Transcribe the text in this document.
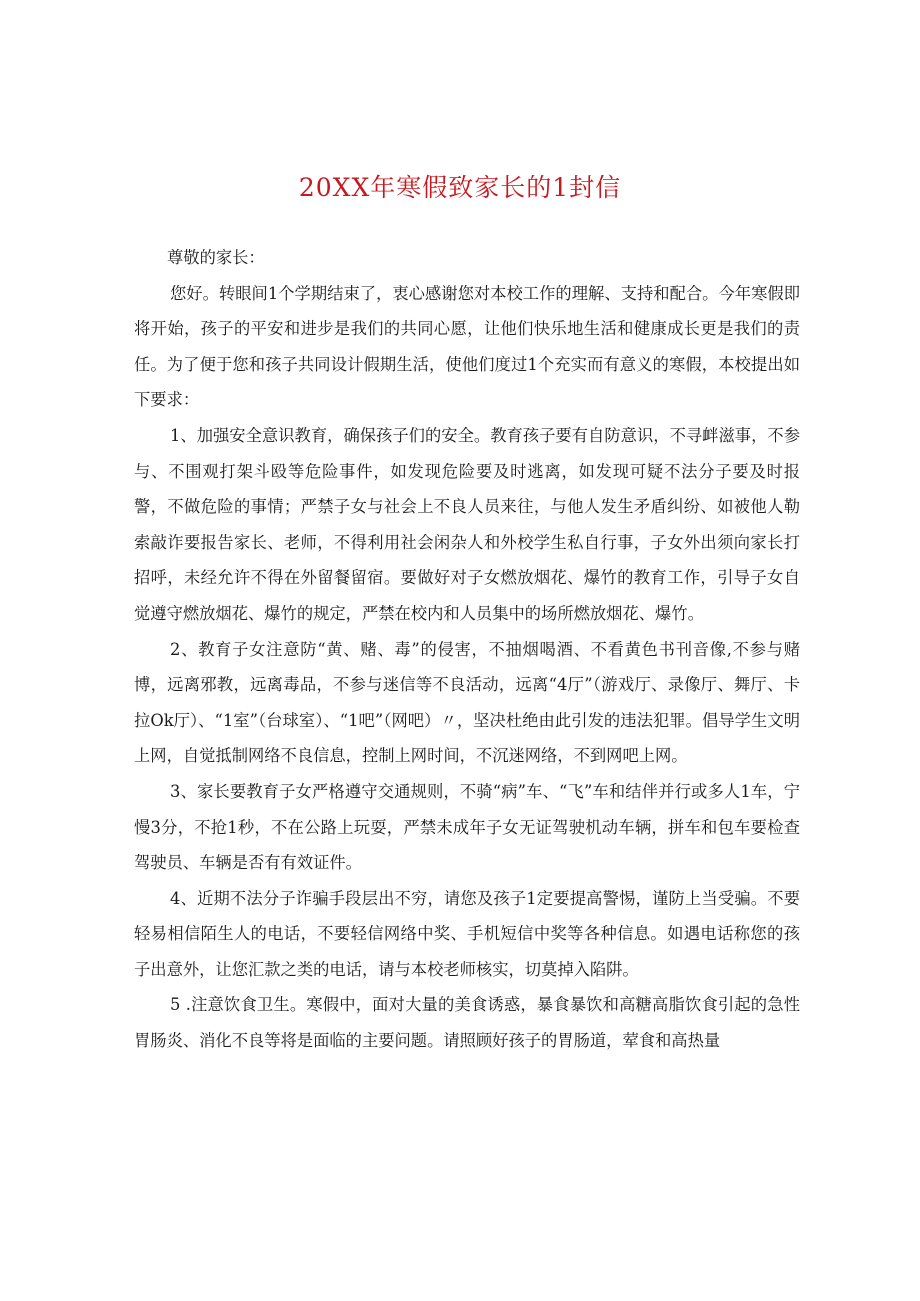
20XX年寒假致家长的1封信

尊敬的家长：

您好。转眼间1个学期结束了，衷心感谢您对本校工作的理解、支持和配合。今年寒假即将开始，孩子的平安和进步是我们的共同心愿，让他们快乐地生活和健康成长更是我们的责任。为了便于您和孩子共同设计假期生活，使他们度过1个充实而有意义的寒假，本校提出如下要求：

1、加强安全意识教育，确保孩子们的安全。教育孩子要有自防意识，不寻衅滋事，不参与、不围观打架斗殴等危险事件，如发现危险要及时逃离，如发现可疑不法分子要及时报警，不做危险的事情；严禁子女与社会上不良人员来往，与他人发生矛盾纠纷、如被他人勒索敲诈要报告家长、老师，不得利用社会闲杂人和外校学生私自行事，子女外出须向家长打招呼，未经允许不得在外留餐留宿。要做好对子女燃放烟花、爆竹的教育工作，引导子女自觉遵守燃放烟花、爆竹的规定，严禁在校内和人员集中的场所燃放烟花、爆竹。

2、教育子女注意防“黄、赌、毒”的侵害，不抽烟喝酒、不看黄色书刊音像,不参与赌博，远离邪教，远离毒品，不参与迷信等不良活动，远离“4厅”（游戏厅、录像厅、舞厅、卡拉Ok厅）、“1室”（台球室）、“1吧”（网吧）〃，坚决杜绝由此引发的违法犯罪。倡导学生文明上网，自觉抵制网络不良信息，控制上网时间，不沉迷网络，不到网吧上网。

3、家长要教育子女严格遵守交通规则，不骑“病”车、“飞”车和结伴并行或多人1车，宁慢3分，不抢1秒，不在公路上玩耍，严禁未成年子女无证驾驶机动车辆，拼车和包车要检查驾驶员、车辆是否有有效证件。

4、近期不法分子诈骗手段层出不穷，请您及孩子1定要提高警惕，谨防上当受骗。不要轻易相信陌生人的电话，不要轻信网络中奖、手机短信中奖等各种信息。如遇电话称您的孩子出意外，让您汇款之类的电话，请与本校老师核实，切莫掉入陷阱。

5 .注意饮食卫生。寒假中，面对大量的美食诱惑，暴食暴饮和高糖高脂饮食引起的急性胃肠炎、消化不良等将是面临的主要问题。请照顾好孩子的胃肠道，荤食和高热量
